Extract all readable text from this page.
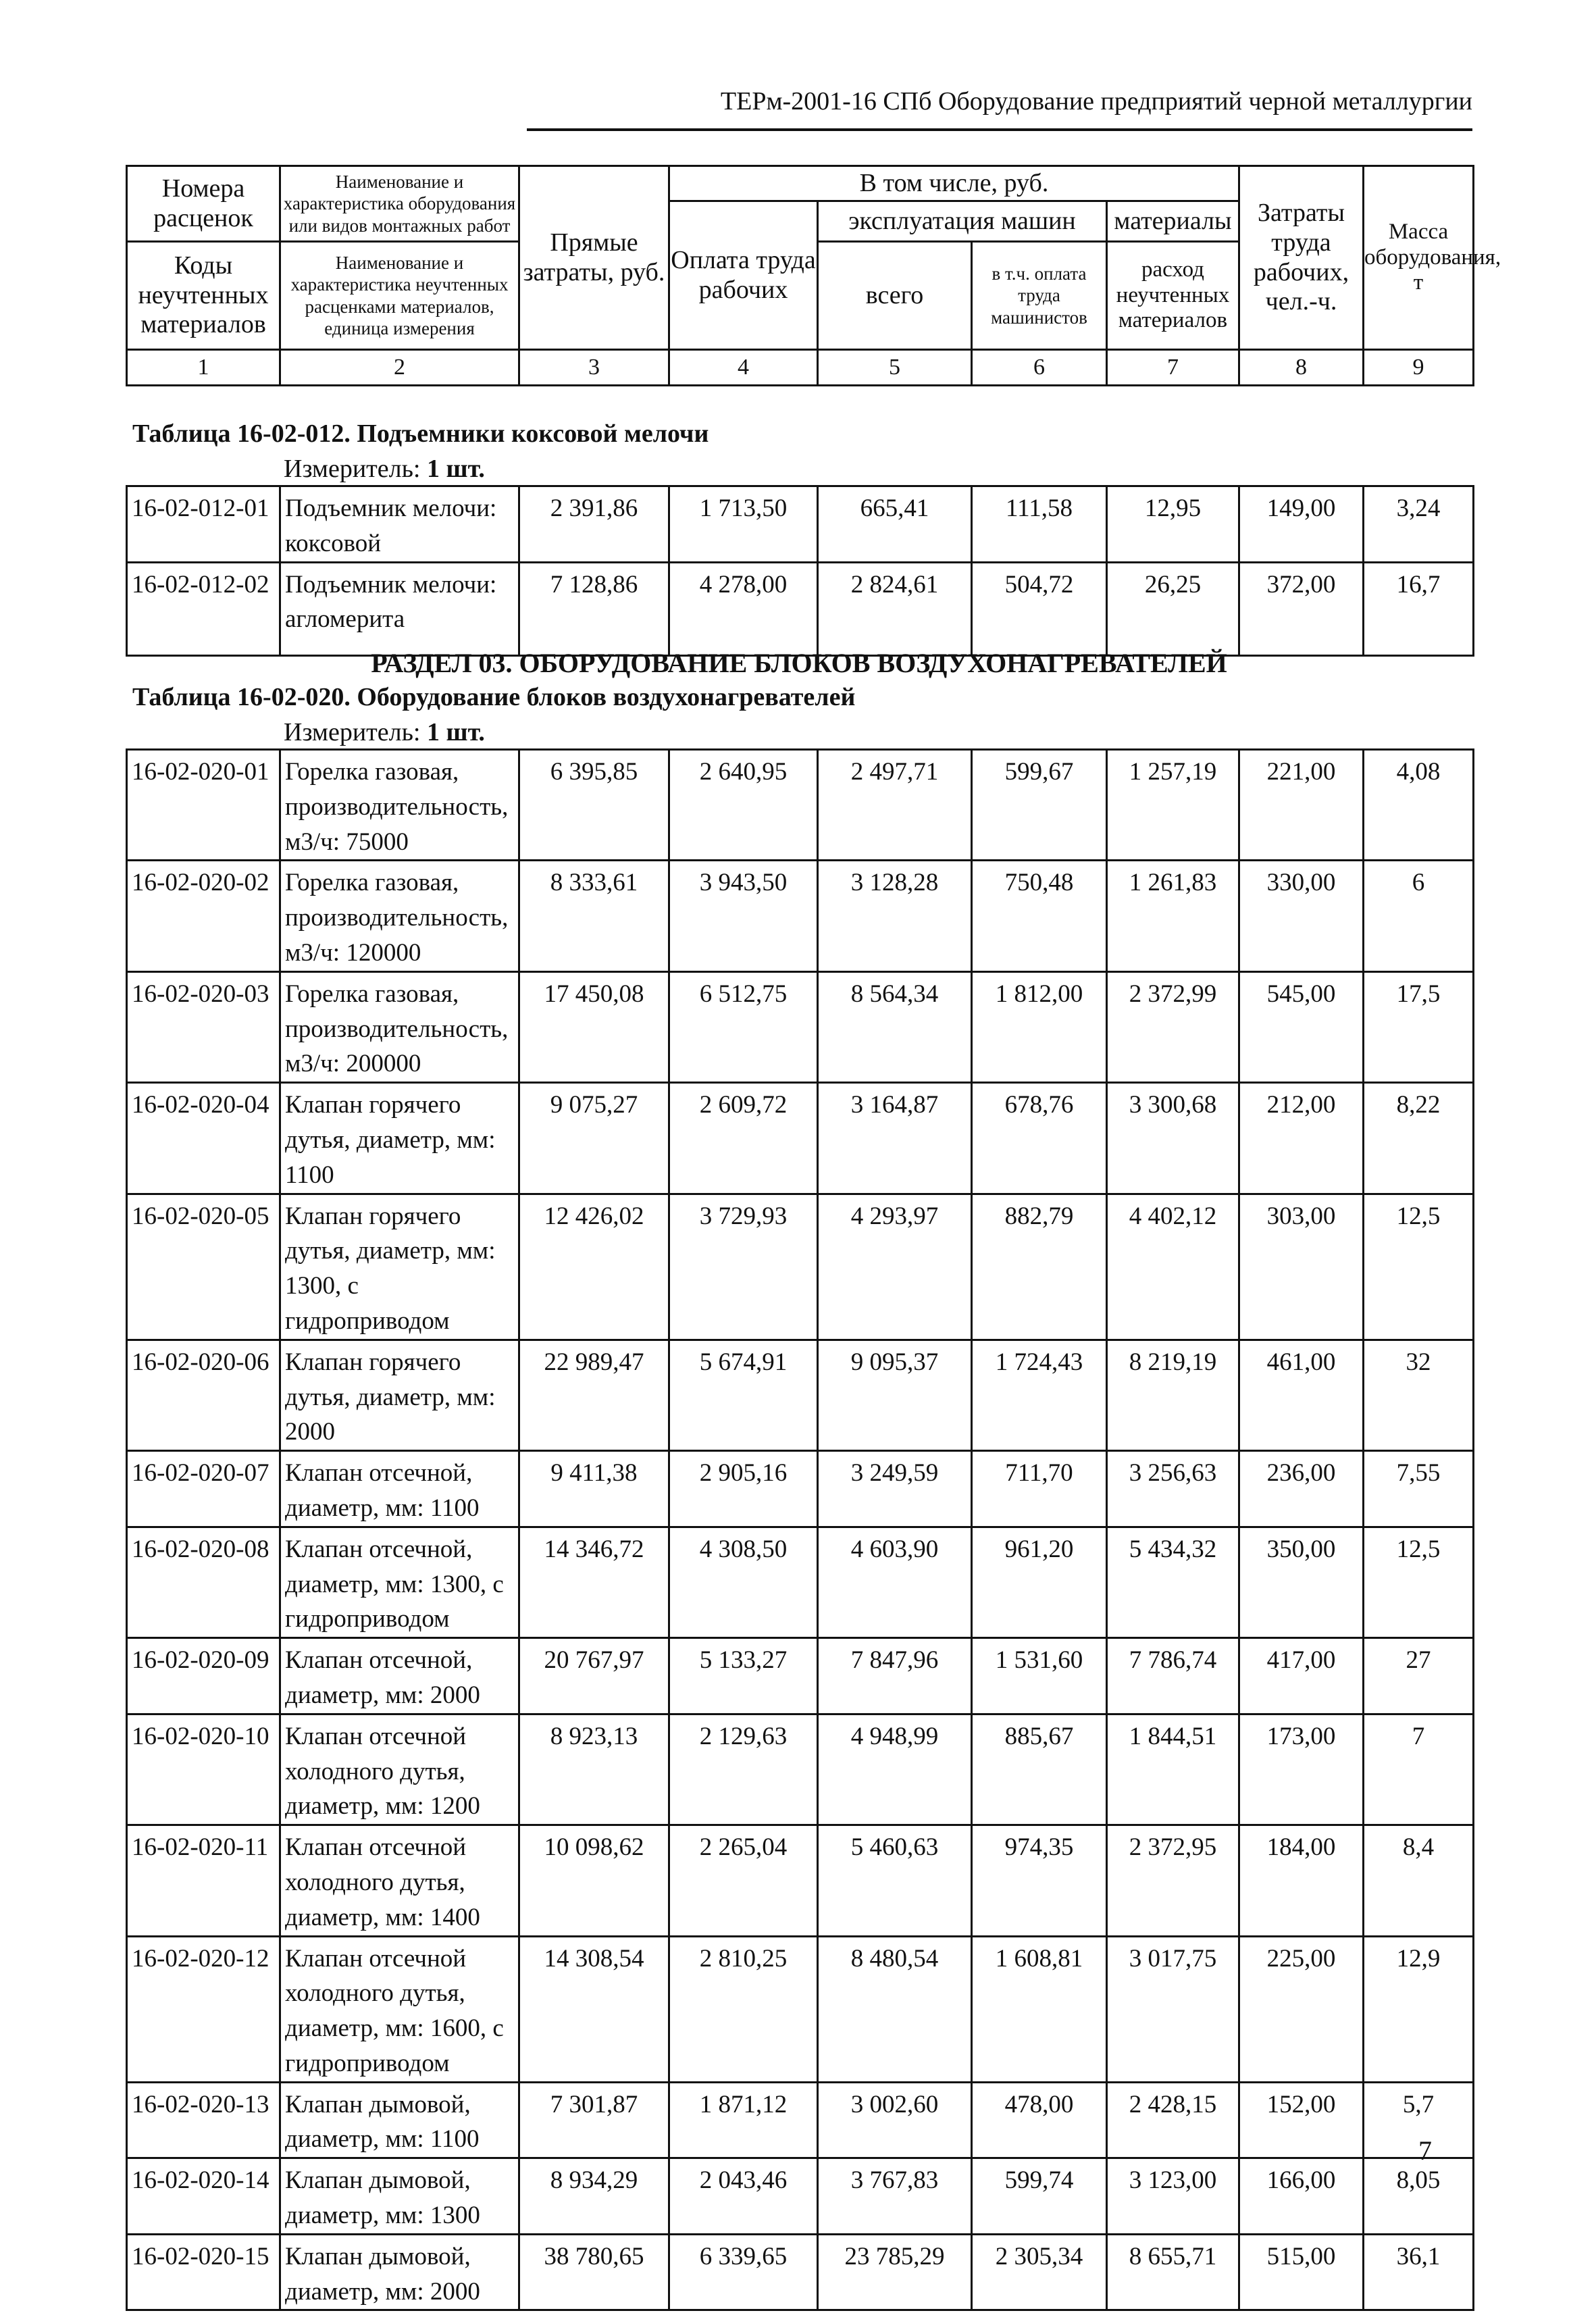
ТЕРм-2001-16 СПб Оборудование предприятий черной металлургии
Номера расценок	Наименование и характеристика оборудования или видов монтажных работ	Прямые затраты, руб.	В том числе, руб.				Затраты труда рабочих, чел.-ч.	Масса оборудования, т
			Оплата труда рабочих	эксплуатация машин		материалы		
Коды неучтенных материалов	Наименование и характеристика неучтенных расценками материалов, единица измерения			всего	в т.ч. оплата труда машинистов	расход неучтенных материалов		

1	2	3	4	5	6	7	8	9
Таблица 16-02-012. Подъемники коксовой мелочи
Измеритель: 1 шт.
16-02-012-01	Подъемник мелочи: коксовой	2 391,86	1 713,50	665,41	111,58	12,95	149,00	3,24
16-02-012-02	Подъемник мелочи: агломерита	7 128,86	4 278,00	2 824,61	504,72	26,25	372,00	16,7
РАЗДЕЛ 03. ОБОРУДОВАНИЕ БЛОКОВ ВОЗДУХОНАГРЕВАТЕЛЕЙ
Таблица 16-02-020. Оборудование блоков воздухонагревателей
Измеритель: 1 шт.
16-02-020-01	Горелка газовая, производительность, м3/ч: 75000	6 395,85	2 640,95	2 497,71	599,67	1 257,19	221,00	4,08
16-02-020-02	Горелка газовая, производительность, м3/ч: 120000	8 333,61	3 943,50	3 128,28	750,48	1 261,83	330,00	6
16-02-020-03	Горелка газовая, производительность, м3/ч: 200000	17 450,08	6 512,75	8 564,34	1 812,00	2 372,99	545,00	17,5
16-02-020-04	Клапан горячего дутья, диаметр, мм: 1100	9 075,27	2 609,72	3 164,87	678,76	3 300,68	212,00	8,22
16-02-020-05	Клапан горячего дутья, диаметр, мм: 1300, с гидроприводом	12 426,02	3 729,93	4 293,97	882,79	4 402,12	303,00	12,5
16-02-020-06	Клапан горячего дутья, диаметр, мм: 2000	22 989,47	5 674,91	9 095,37	1 724,43	8 219,19	461,00	32
16-02-020-07	Клапан отсечной, диаметр, мм: 1100	9 411,38	2 905,16	3 249,59	711,70	3 256,63	236,00	7,55
16-02-020-08	Клапан отсечной, диаметр, мм: 1300, с гидроприводом	14 346,72	4 308,50	4 603,90	961,20	5 434,32	350,00	12,5
16-02-020-09	Клапан отсечной, диаметр, мм: 2000	20 767,97	5 133,27	7 847,96	1 531,60	7 786,74	417,00	27
16-02-020-10	Клапан отсечной холодного дутья, диаметр, мм: 1200	8 923,13	2 129,63	4 948,99	885,67	1 844,51	173,00	7
16-02-020-11	Клапан отсечной холодного дутья, диаметр, мм: 1400	10 098,62	2 265,04	5 460,63	974,35	2 372,95	184,00	8,4
16-02-020-12	Клапан отсечной холодного дутья, диаметр, мм: 1600, с гидроприводом	14 308,54	2 810,25	8 480,54	1 608,81	3 017,75	225,00	12,9
16-02-020-13	Клапан дымовой, диаметр, мм: 1100	7 301,87	1 871,12	3 002,60	478,00	2 428,15	152,00	5,7
16-02-020-14	Клапан дымовой, диаметр, мм: 1300	8 934,29	2 043,46	3 767,83	599,74	3 123,00	166,00	8,05
16-02-020-15	Клапан дымовой, диаметр, мм: 2000	38 780,65	6 339,65	23 785,29	2 305,34	8 655,71	515,00	36,1
7
